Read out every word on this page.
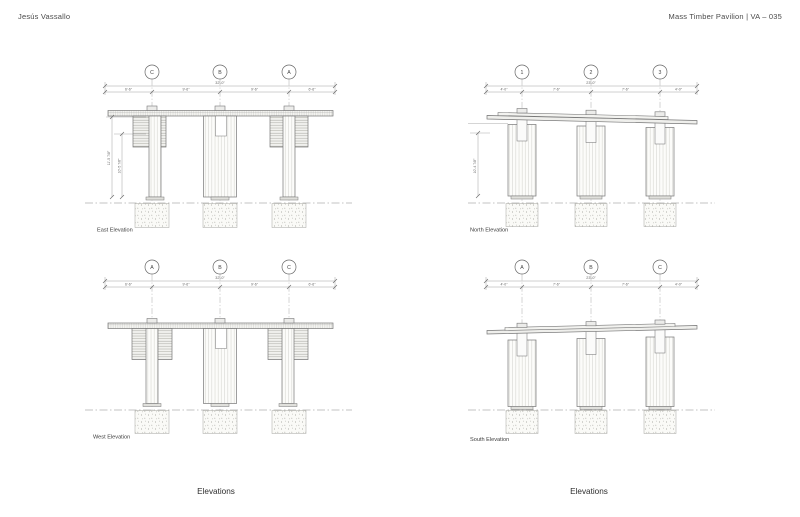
Jesús Vassallo	Mass Timber Pavilion | VA – 035
C	B	A
32'-0"
6'-6"	9'-6"	9'-6"	6'-6"
11'-5 7/8"
10'-5 7/8"
East Elevation
1	2	3
23'-0"
4'-0"	7'-6"	7'-6"	4'-0"
10'-4 7/8"
North Elevation
A	B	C
32'-0"
6'-6"	9'-6"	9'-6"	6'-6"
West Elevation
A	B	C
23'-0"
4'-0"	7'-6"	7'-6"	4'-0"
South Elevation
Elevations	Elevations
